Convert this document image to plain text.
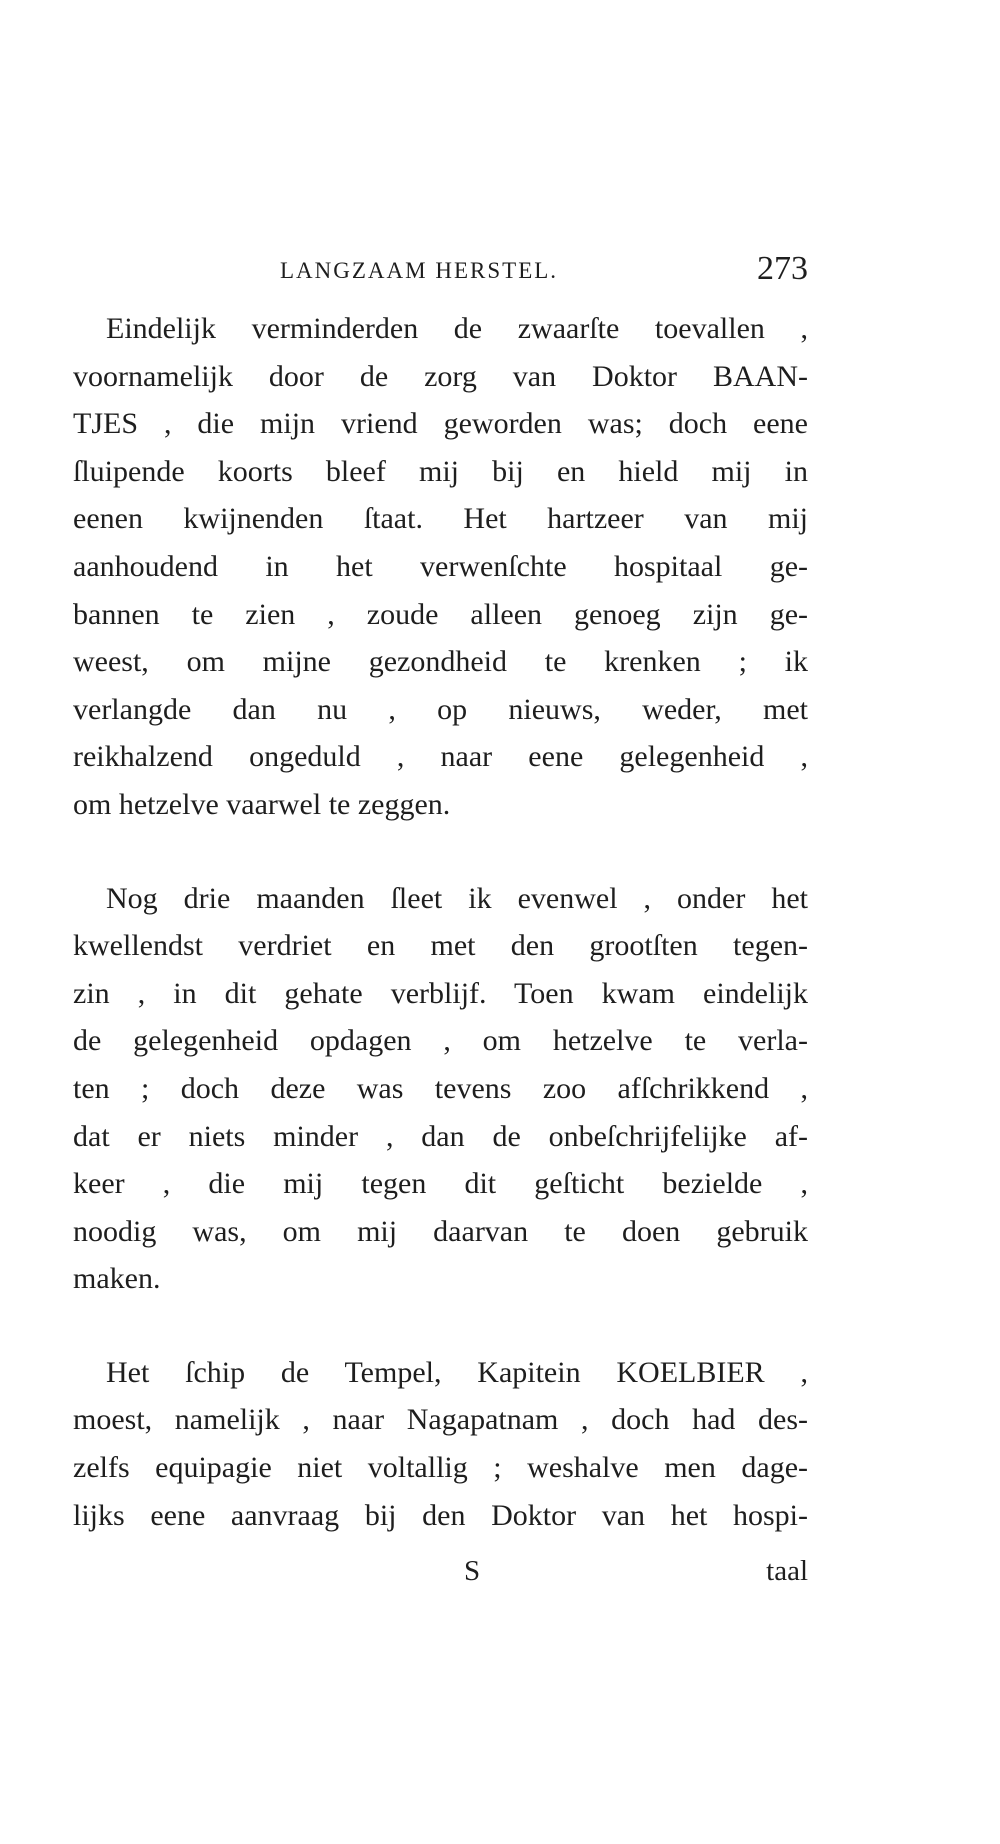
LANGZAAM HERSTEL.	273
Eindelijk verminderden de zwaarſte toevallen ,
voornamelijk door de zorg van Doktor BAAN-
TJES , die mijn vriend geworden was; doch eene
ſluipende koorts bleef mij bij en hield mij in
eenen kwijnenden ſtaat. Het hartzeer van mij
aanhoudend in het verwenſchte hospitaal ge-
bannen te zien , zoude alleen genoeg zijn ge-
weest, om mijne gezondheid te krenken ; ik
verlangde dan nu , op nieuws, weder, met
reikhalzend ongeduld , naar eene gelegenheid ,
om hetzelve vaarwel te zeggen.
Nog drie maanden ſleet ik evenwel , onder het
kwellendst verdriet en met den grootſten tegen-
zin , in dit gehate verblijf. Toen kwam eindelijk
de gelegenheid opdagen , om hetzelve te verla-
ten ; doch deze was tevens zoo afſchrikkend ,
dat er niets minder , dan de onbeſchrijfelijke af-
keer , die mij tegen dit geſticht bezielde ,
noodig was, om mij daarvan te doen gebruik
maken.
Het ſchip de Tempel, Kapitein KOELBIER ,
moest, namelijk , naar Nagapatnam , doch had des-
zelfs equipagie niet voltallig ; weshalve men dage-
lijks eene aanvraag bij den Doktor van het hospi-
S	taal
